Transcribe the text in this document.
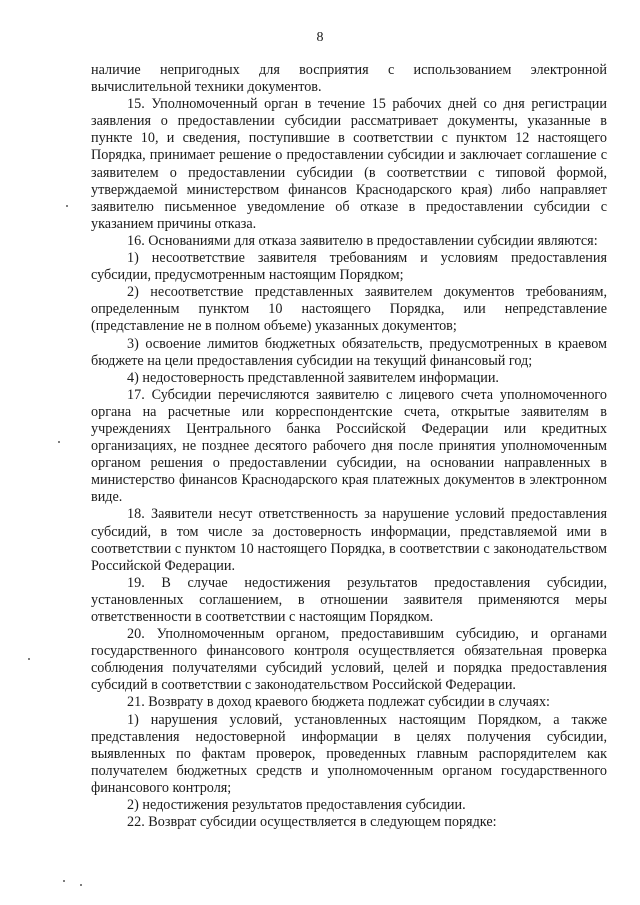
8

наличие непригодных для восприятия с использованием электронной вычислительной техники документов.

15. Уполномоченный орган в течение 15 рабочих дней со дня регистрации заявления о предоставлении субсидии рассматривает документы, указанные в пункте 10, и сведения, поступившие в соответствии с пунктом 12 настоящего Порядка, принимает решение о предоставлении субсидии и заключает соглашение с заявителем о предоставлении субсидии (в соответствии с типовой формой, утверждаемой министерством финансов Краснодарского края) либо направляет заявителю письменное уведомление об отказе в предоставлении субсидии с указанием причины отказа.

16. Основаниями для отказа заявителю в предоставлении субсидии являются:

1) несоответствие заявителя требованиям и условиям предоставления субсидии, предусмотренным настоящим Порядком;

2) несоответствие представленных заявителем документов требованиям, определенным пунктом 10 настоящего Порядка, или непредставление (представление не в полном объеме) указанных документов;

3) освоение лимитов бюджетных обязательств, предусмотренных в краевом бюджете на цели предоставления субсидии на текущий финансовый год;

4) недостоверность представленной заявителем информации.

17. Субсидии перечисляются заявителю с лицевого счета уполномоченного органа на расчетные или корреспондентские счета, открытые заявителям в учреждениях Центрального банка Российской Федерации или кредитных организациях, не позднее десятого рабочего дня после принятия уполномоченным органом решения о предоставлении субсидии, на основании направленных в министерство финансов Краснодарского края платежных документов в электронном виде.

18. Заявители несут ответственность за нарушение условий предоставления субсидий, в том числе за достоверность информации, представляемой ими в соответствии с пунктом 10 настоящего Порядка, в соответствии с законодательством Российской Федерации.

19. В случае недостижения результатов предоставления субсидии, установленных соглашением, в отношении заявителя применяются меры ответственности в соответствии с настоящим Порядком.

20. Уполномоченным органом, предоставившим субсидию, и органами государственного финансового контроля осуществляется обязательная проверка соблюдения получателями субсидий условий, целей и порядка предоставления субсидий в соответствии с законодательством Российской Федерации.

21. Возврату в доход краевого бюджета подлежат субсидии в случаях:

1) нарушения условий, установленных настоящим Порядком, а также представления недостоверной информации в целях получения субсидии, выявленных по фактам проверок, проведенных главным распорядителем как получателем бюджетных средств и уполномоченным органом государственного финансового контроля;

2) недостижения результатов предоставления субсидии.

22. Возврат субсидии осуществляется в следующем порядке:
